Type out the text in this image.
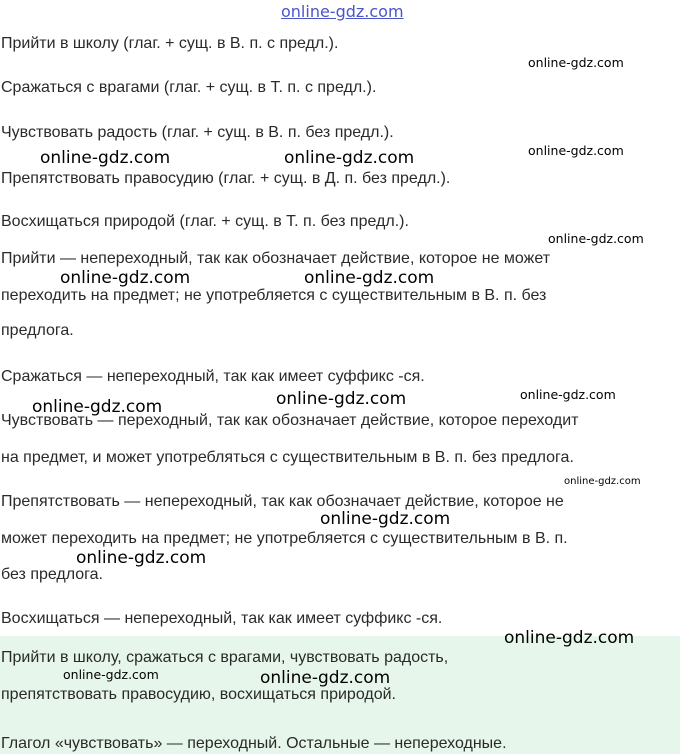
Прийти в школу (глаг. + сущ. в В. п. с предл.).

Сражаться с врагами (глаг. + сущ. в Т. п. с предл.).

Чувствовать радость (глаг. + сущ. в В. п. без предл.).

Препятствовать правосудию (глаг. + сущ. в Д. п. без предл.).

Восхищаться природой (глаг. + сущ. в Т. п. без предл.).

Прийти — непереходный, так как обозначает действие, которое не может

переходить на предмет; не употребляется с существительным в В. п. без

предлога.

Сражаться — непереходный, так как имеет суффикс -ся.

Чувствовать — переходный, так как обозначает действие, которое переходит

на предмет, и может употребляться с существительным в В. п. без предлога.

Препятствовать — непереходный, так как обозначает действие, которое не

может переходить на предмет; не употребляется с существительным в В. п.

без предлога.

Восхищаться — непереходный, так как имеет суффикс -ся.

Прийти в школу, сражаться с врагами, чувствовать радость,

препятствовать правосудию, восхищаться природой.

Глагол «чувствовать» — переходный. Остальные — непереходные.

online-gdz.com

online-gdz.com

online-gdz.com

online-gdz.com	online-gdz.com

online-gdz.com

online-gdz.com	online-gdz.com

online-gdz.com

online-gdz.com

online-gdz.com

online-gdz.com

online-gdz.com

online-gdz.com

online-gdz.com

online-gdz.com	online-gdz.com
